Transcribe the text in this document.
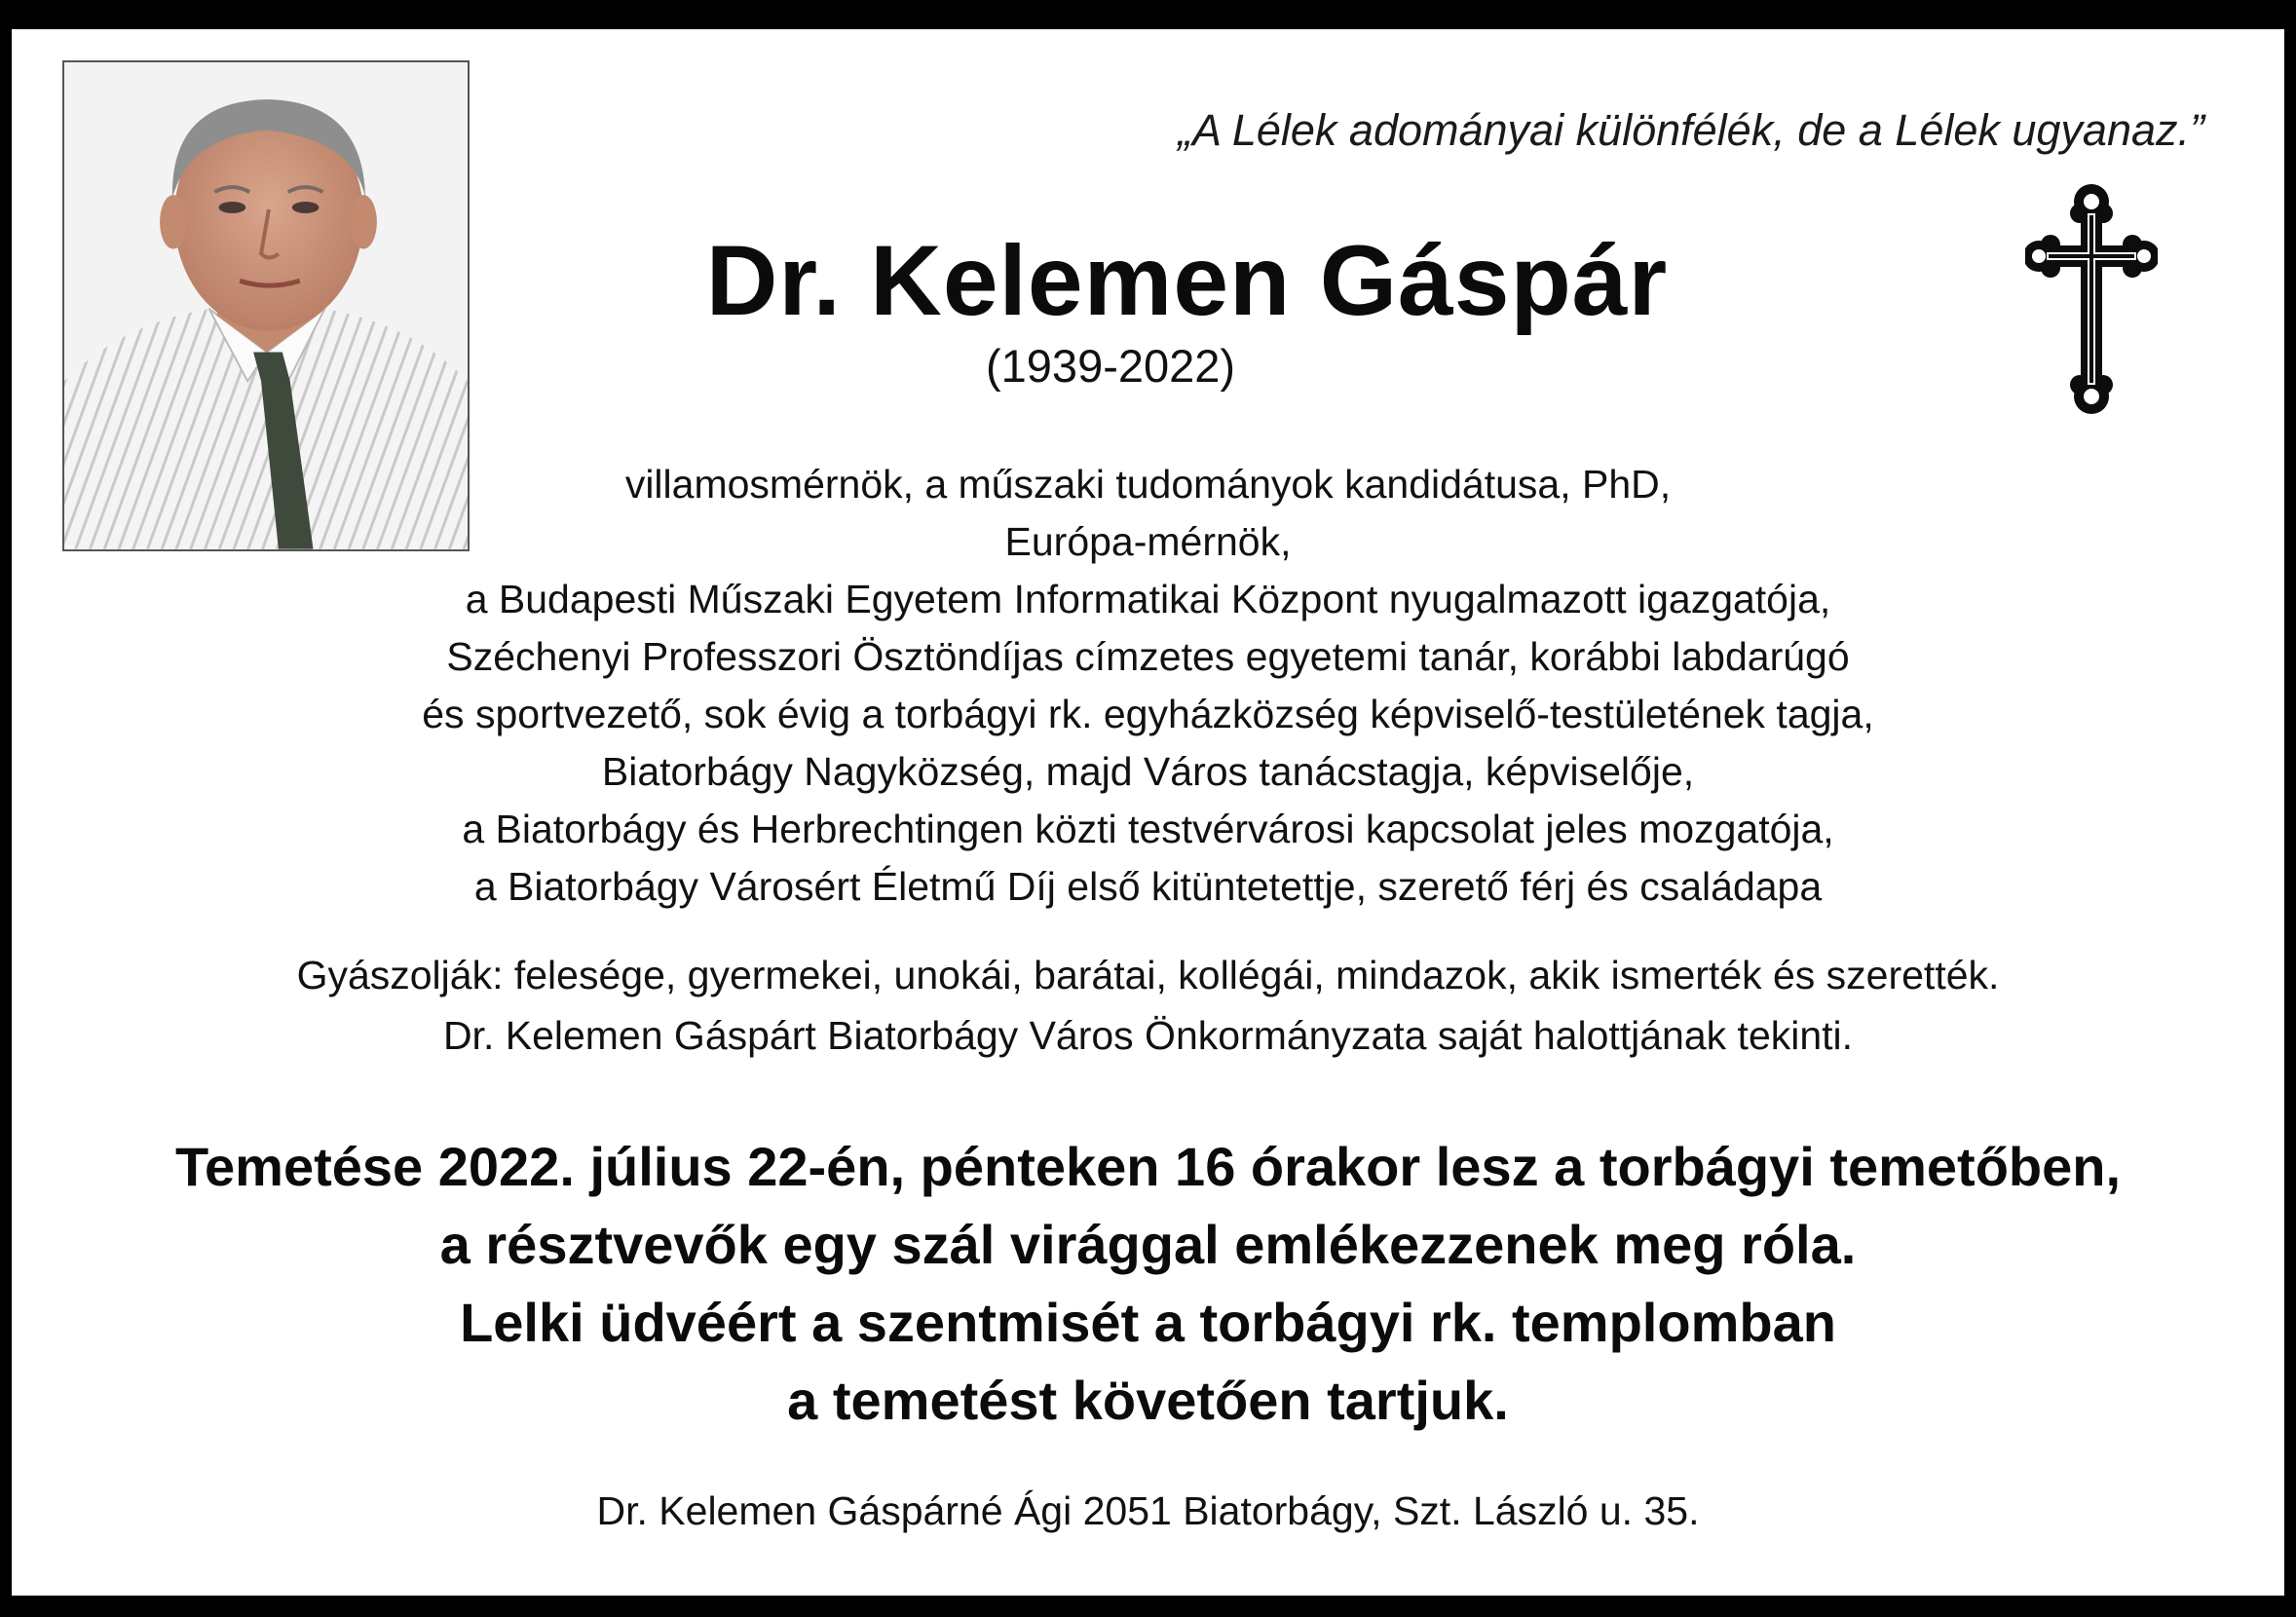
„A Lélek adományai különfélék, de a Lélek ugyanaz.”
Dr. Kelemen Gáspár
(1939-2022)
villamosmérnök, a műszaki tudományok kandidátusa, PhD,
Európa-mérnök,
a Budapesti Műszaki Egyetem Informatikai Központ nyugalmazott igazgatója,
Széchenyi Professzori Ösztöndíjas címzetes egyetemi tanár, korábbi labdarúgó
és sportvezető, sok évig a torbágyi rk. egyházközség képviselő-testületének tagja,
Biatorbágy Nagyközség, majd Város tanácstagja, képviselője,
a Biatorbágy és Herbrechtingen közti testvérvárosi kapcsolat jeles mozgatója,
a Biatorbágy Városért Életmű Díj első kitüntetettje, szerető férj és családapa
Gyászolják: felesége, gyermekei, unokái, barátai, kollégái, mindazok, akik ismerték és szerették.
Dr. Kelemen Gáspárt Biatorbágy Város Önkormányzata saját halottjának tekinti.
Temetése 2022. július 22-én, pénteken 16 órakor lesz a torbágyi temetőben,
a résztvevők egy szál virággal emlékezzenek meg róla.
Lelki üdvéért a szentmisét a torbágyi rk. templomban
a temetést követően tartjuk.
Dr. Kelemen Gáspárné Ági 2051 Biatorbágy, Szt. László u. 35.
